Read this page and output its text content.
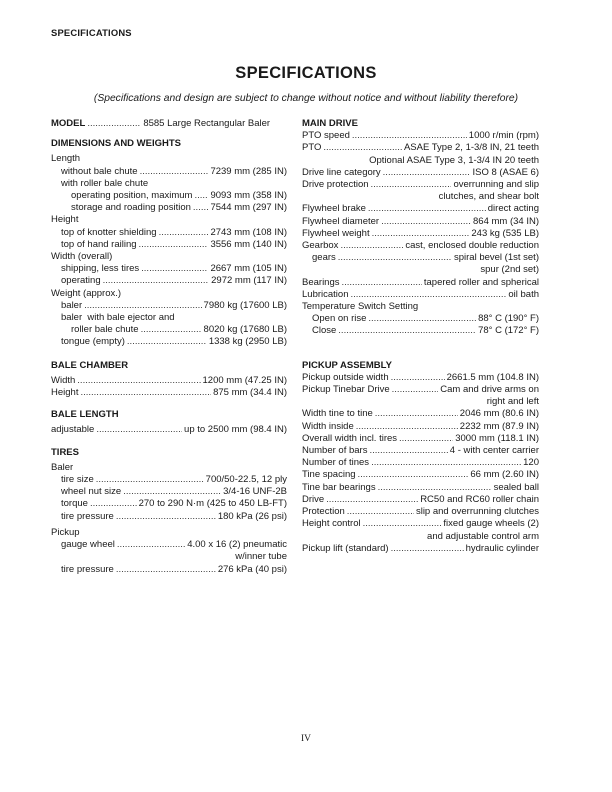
SPECIFICATIONS
SPECIFICATIONS
(Specifications and design are subject to change without notice and without liability therefore)
MODEL .....	8585 Large Rectangular Baler
DIMENSIONS AND WEIGHTS
Length
without bale chute .....	7239 mm (285 IN)
with roller bale chute
operating position, maximum ..... 9093 mm (358 IN)
storage and roading position ..... 7544 mm (297 IN)
Height
top of knotter shielding .....	2743 mm (108 IN)
top of hand railing .....	3556 mm (140 IN)
Width (overall)
shipping, less tires .....	2667 mm (105 IN)
operating .....	2972 mm (117 IN)
Weight (approx.)
baler .....	7980 kg (17600 LB)
baler  with bale ejector and
roller bale chute .....	8020 kg (17680 LB)
tongue (empty) .....	1338 kg (2950 LB)
BALE CHAMBER
Width .....	1200 mm (47.25 IN)
Height .....	875 mm (34.4 IN)
BALE LENGTH
adjustable .....	up to 2500 mm (98.4 IN)
TIRES
Baler
tire size .....	700/50-22.5, 12 ply
wheel nut size .....	3/4-16 UNF-2B
torque .....	270 to 290 N·m (425 to 450 LB-FT)
tire pressure .....	180 kPa (26 psi)
Pickup
gauge wheel .....	4.00 x 16 (2) pneumatic
w/inner tube
tire pressure .....	276 kPa (40 psi)
MAIN DRIVE
PTO speed .....	1000 r/min (rpm)
PTO .....	ASAE Type 2, 1-3/8 IN, 21 teeth
Optional ASAE Type 3, 1-3/4 IN 20 teeth
Drive line category .....	ISO 8 (ASAE 6)
Drive protection .....	overrunning and slip
clutches, and shear bolt
Flywheel brake .....	direct acting
Flywheel diameter .....	864 mm (34 IN)
Flywheel weight .....	243 kg (535 LB)
Gearbox .....	cast, enclosed double reduction
gears .....	spiral bevel (1st set)
spur (2nd set)
Bearings .....	tapered roller and spherical
Lubrication .....	oil bath
Temperature Switch Setting
Open on rise .....	88° C (190° F)
Close .....	78° C (172° F)
PICKUP ASSEMBLY
Pickup outside width .....	2661.5 mm (104.8 IN)
Pickup Tinebar Drive .....	Cam and drive arms on
right and left
Width tine to tine .....	2046 mm (80.6 IN)
Width inside .....	2232 mm (87.9 IN)
Overall width incl. tires .....	3000 mm (118.1 IN)
Number of bars .....	4 - with center carrier
Number of tines .....	120
Tine spacing .....	66 mm (2.60 IN)
Tine bar bearings .....	sealed ball
Drive .....	RC50 and RC60 roller chain
Protection .....	slip and overrunning clutches
Height control .....	fixed gauge wheels (2)
and adjustable control arm
Pickup lift (standard) .....	hydraulic cylinder
IV
